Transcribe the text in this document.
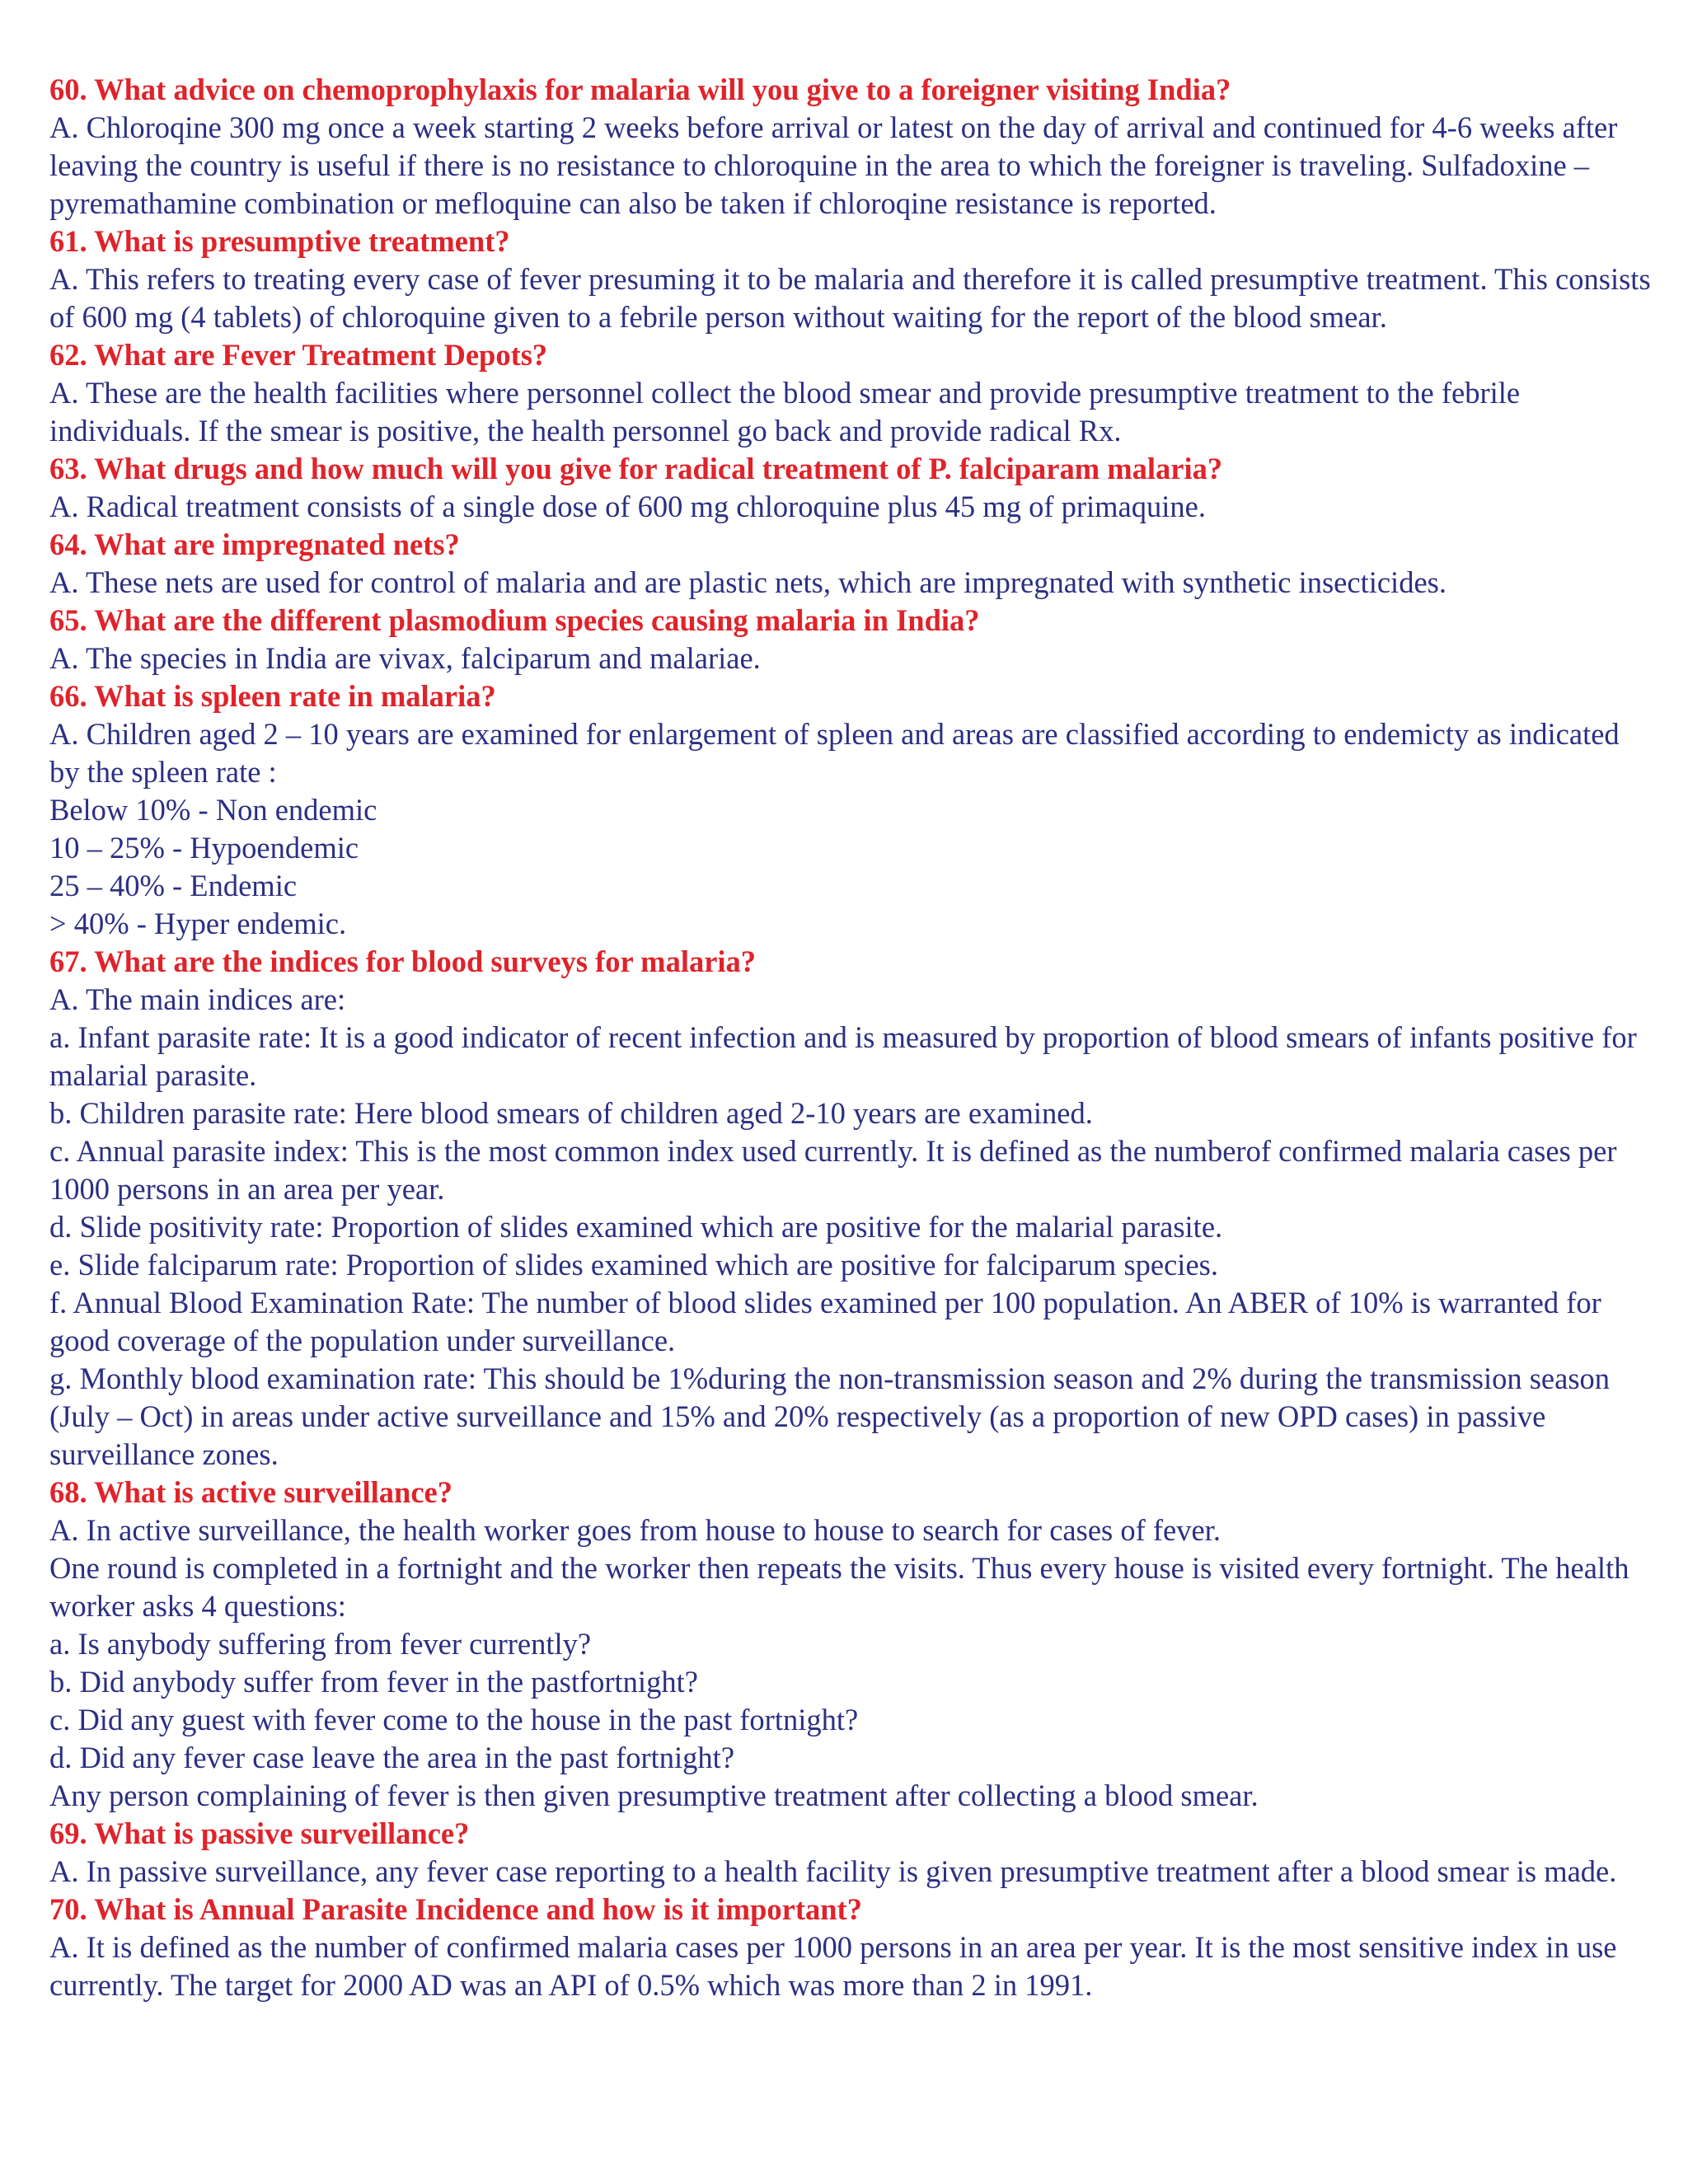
60. What advice on chemoprophylaxis for malaria will you give to a foreigner visiting India?

A. Chloroqine 300 mg once a week starting 2 weeks before arrival or latest on the day of arrival and continued for 4-6 weeks after leaving the country is useful if there is no resistance to chloroquine in the area to which the foreigner is traveling. Sulfadoxine – pyremathamine combination or mefloquine can also be taken if chloroqine resistance is reported.

61. What is presumptive treatment?

A. This refers to treating every case of fever presuming it to be malaria and therefore it is called presumptive treatment. This consists of 600 mg (4 tablets) of chloroquine given to a febrile person without waiting for the report of the blood smear.

62. What are Fever Treatment Depots?

A. These are the health facilities where personnel collect the blood smear and provide presumptive treatment to the febrile individuals. If the smear is positive, the health personnel go back and provide radical Rx.

63. What drugs and how much will you give for radical treatment of P. falciparam malaria?

A. Radical treatment consists of a single dose of 600 mg chloroquine plus 45 mg of primaquine.

64. What are impregnated nets?

A. These nets are used for control of malaria and are plastic nets, which are impregnated with synthetic insecticides.

65. What are the different plasmodium species causing malaria in India?

A. The species in India are vivax, falciparum and malariae.

66. What is spleen rate in malaria?

A. Children aged 2 – 10 years are examined for enlargement of spleen and areas are classified according to endemicty as indicated by the spleen rate :

Below 10% - Non endemic

10 – 25% - Hypoendemic

25 – 40% - Endemic

> 40% - Hyper endemic.

67. What are the indices for blood surveys for malaria?

A. The main indices are:

a. Infant parasite rate: It is a good indicator of recent infection and is measured by proportion of blood smears of infants positive for malarial parasite.

b. Children parasite rate: Here blood smears of children aged 2-10 years are examined.

c. Annual parasite index: This is the most common index used currently. It is defined as the numberof confirmed malaria cases per 1000 persons in an area per year.

d. Slide positivity rate: Proportion of slides examined which are positive for the malarial parasite.

e. Slide falciparum rate: Proportion of slides examined which are positive for falciparum species.

f. Annual Blood Examination Rate: The number of blood slides examined per 100 population. An ABER of 10% is warranted for good coverage of the population under surveillance.

g. Monthly blood examination rate: This should be 1%during the non-transmission season and 2% during the transmission season (July – Oct) in areas under active surveillance and 15% and 20% respectively (as a proportion of new OPD cases) in passive surveillance zones.

68. What is active surveillance?

A. In active surveillance, the health worker goes from house to house to search for cases of fever.

One round is completed in a fortnight and the worker then repeats the visits. Thus every house is visited every fortnight. The health worker asks 4 questions:

a. Is anybody suffering from fever currently?

b. Did anybody suffer from fever in the pastfortnight?

c. Did any guest with fever come to the house in the past fortnight?

d. Did any fever case leave the area in the past fortnight?

Any person complaining of fever is then given presumptive treatment after collecting a blood smear.

69. What is passive surveillance?

A. In passive surveillance, any fever case reporting to a health facility is given presumptive treatment after a blood smear is made.

70. What is Annual Parasite Incidence and how is it important?

A. It is defined as the number of confirmed malaria cases per 1000 persons in an area per year. It is the most sensitive index in use currently. The target for 2000 AD was an API of 0.5% which was more than 2 in 1991.
